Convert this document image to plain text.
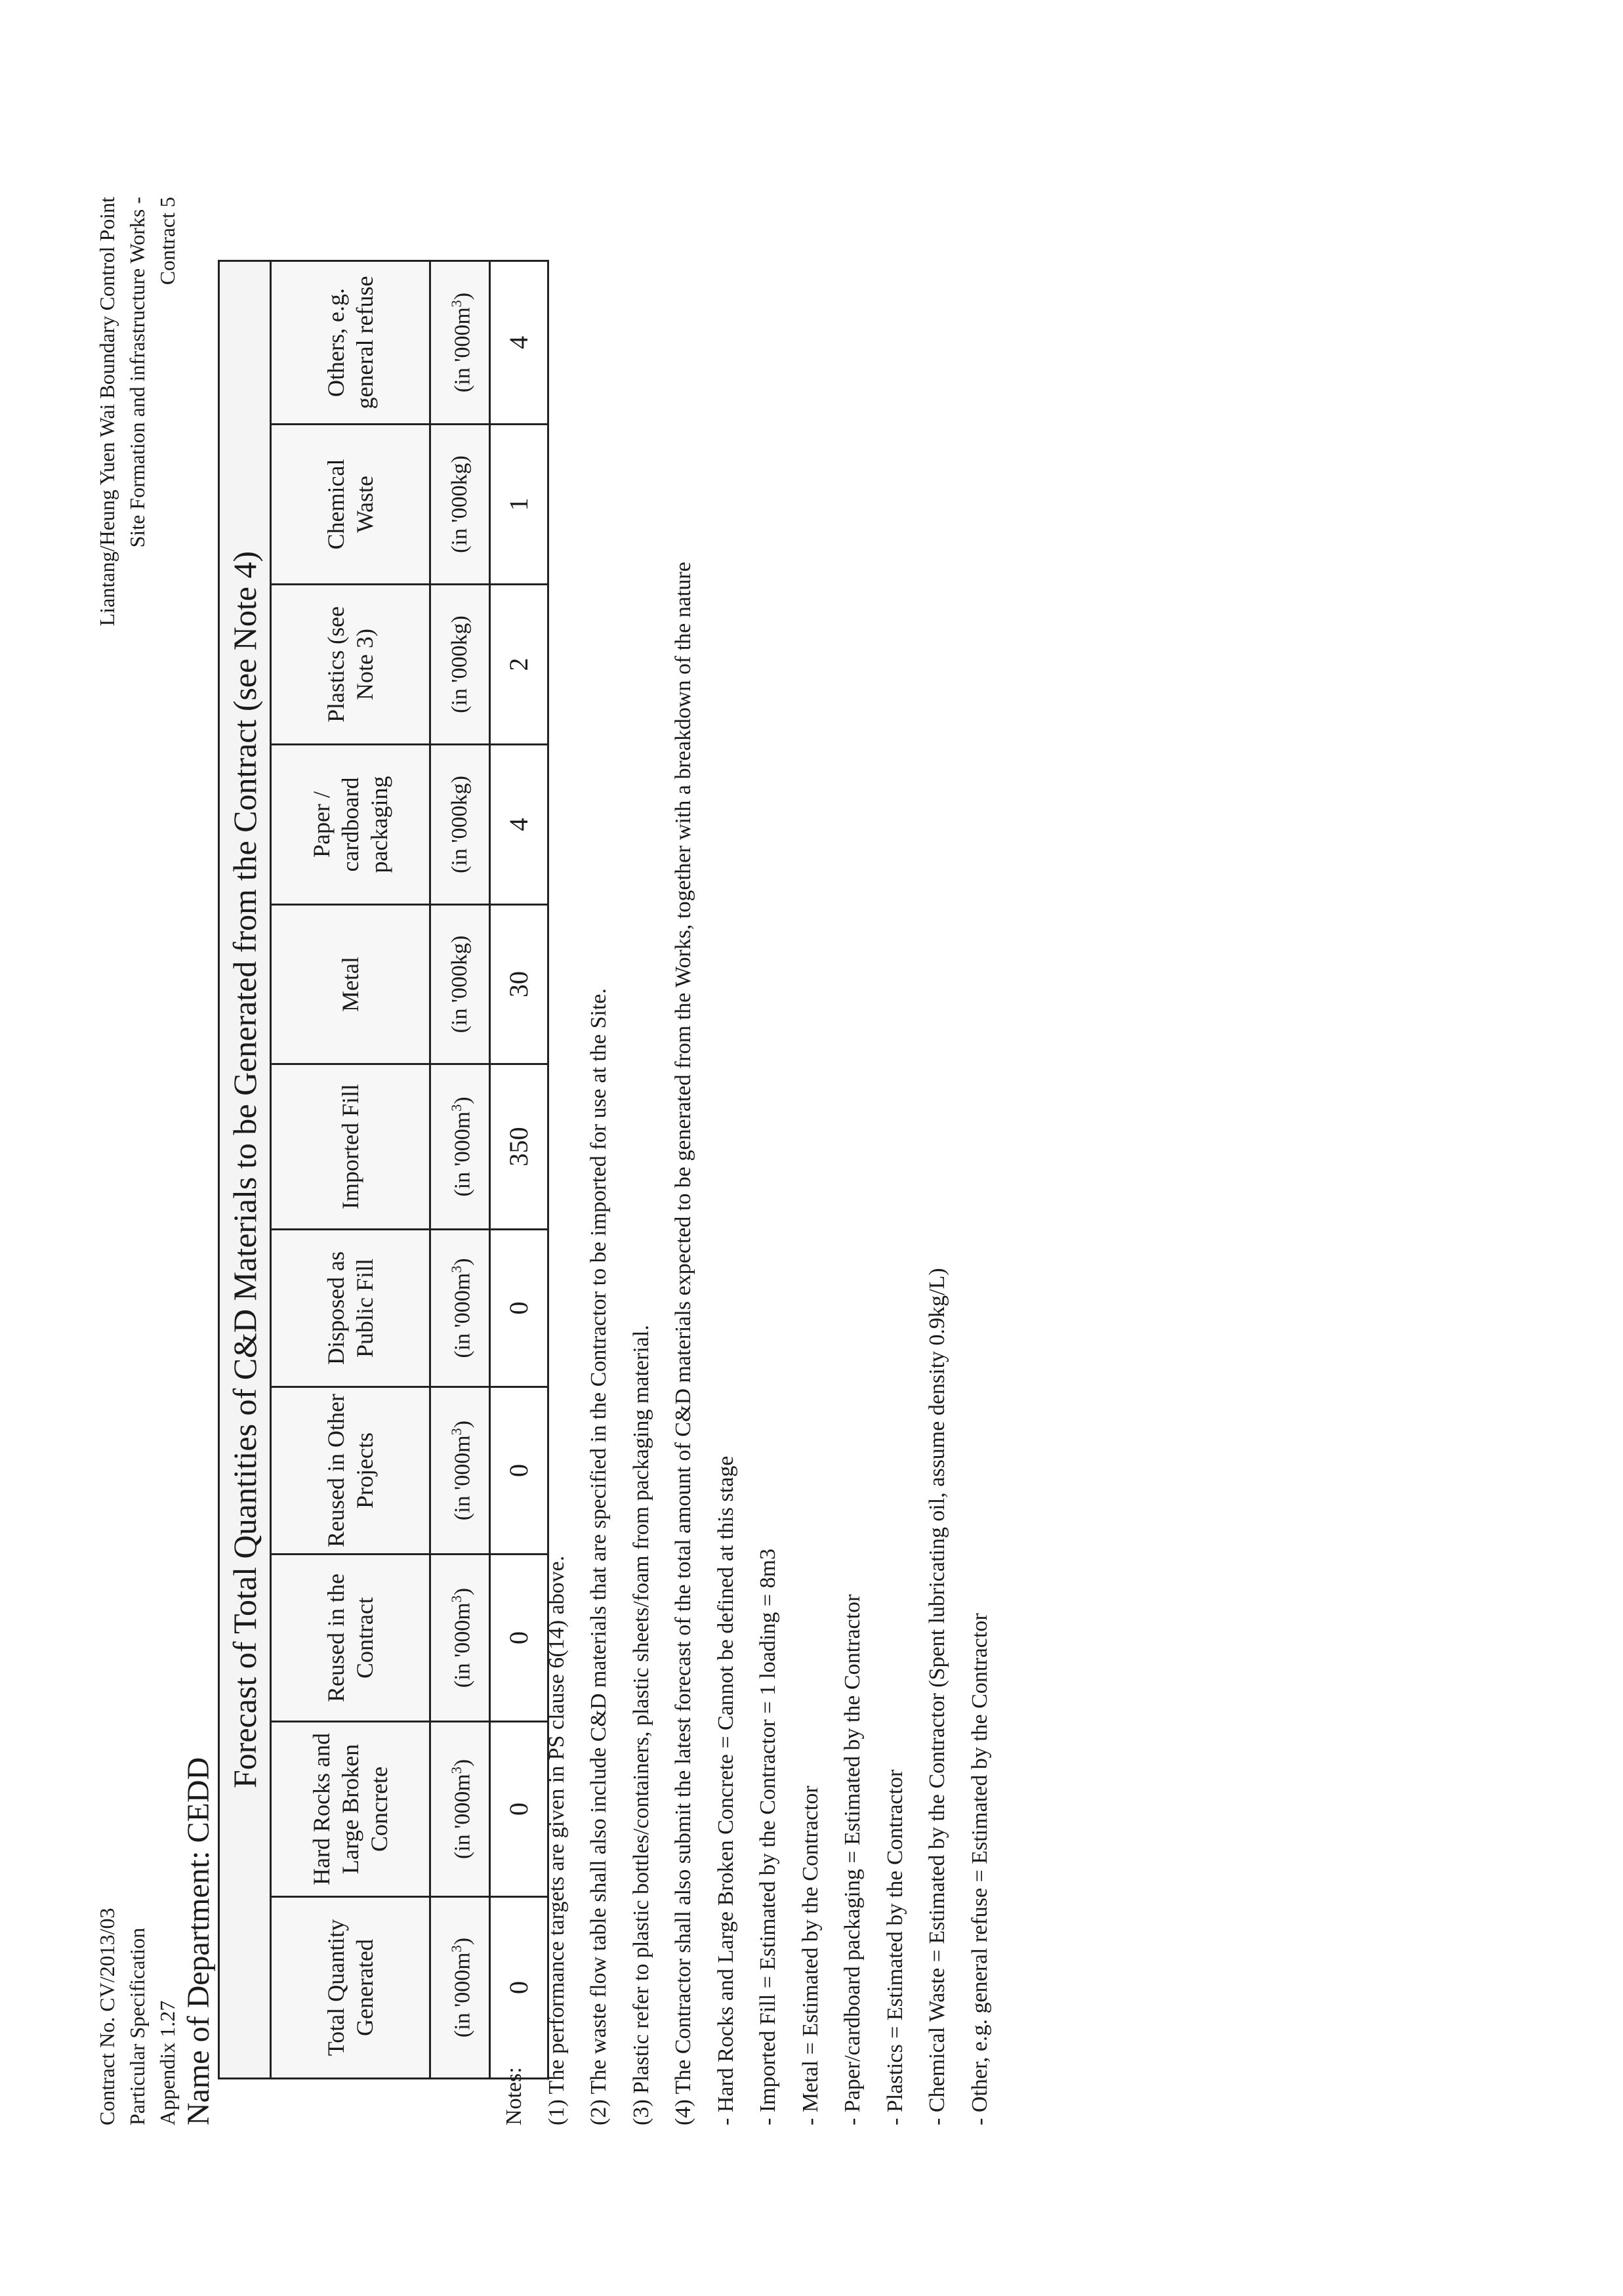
Contract No. CV/2013/03 Particular Specification Appendix 1.27
Liantang/Heung Yuen Wai Boundary Control Point Site Formation and infrastructure Works - Contract 5
Name of Department: CEDD
Forecast of Total Quantities of C&D Materials to be Generated from the Contract (see Note 4)										
Total Quantity Generated	Hard Rocks and Large Broken Concrete	Reused in the Contract	Reused in Other Projects	Disposed as Public Fill	Imported Fill	Metal	Paper / cardboard packaging	Plastics (see Note 3)	Chemical Waste	Others, e.g. general refuse
(in '$000m^3$)	(in '$000m^3$)	(in '$000m^3$)	(in '$000m^3$)	(in '$000m^3$)	(in '$000m^3$)	(in '000kg)	(in '000kg)	(in '000kg)	(in '000kg)	(in '$000m^3$)
0	0	0	0	0	350	30	4	2	1	4
Notes: (1) The performance targets are given in PS clause 6(14) above. (2) The waste flow table shall also include C&D materials that are specified in the Contractor to be imported for use at the Site. (3) Plastic refer to plastic bottles/containers, plastic sheets/foam from packaging material. (4) The Contractor shall also submit the latest forecast of the total amount of C&D materials expected to be generated from the Works, together with a breakdown of the nature - Hard Rocks and Large Broken Concrete = Cannot be defined at this stage - Imported Fill = Estimated by the Contractor = 1 loading = 8m3 - Metal = Estimated by the Contractor - Paper/cardboard packaging = Estimated by the Contractor - Plastics = Estimated by the Contractor - Chemical Waste = Estimated by the Contractor (Spent lubricating oil, assume density 0.9kg/L) - Other, e.g. general refuse = Estimated by the Contractor
